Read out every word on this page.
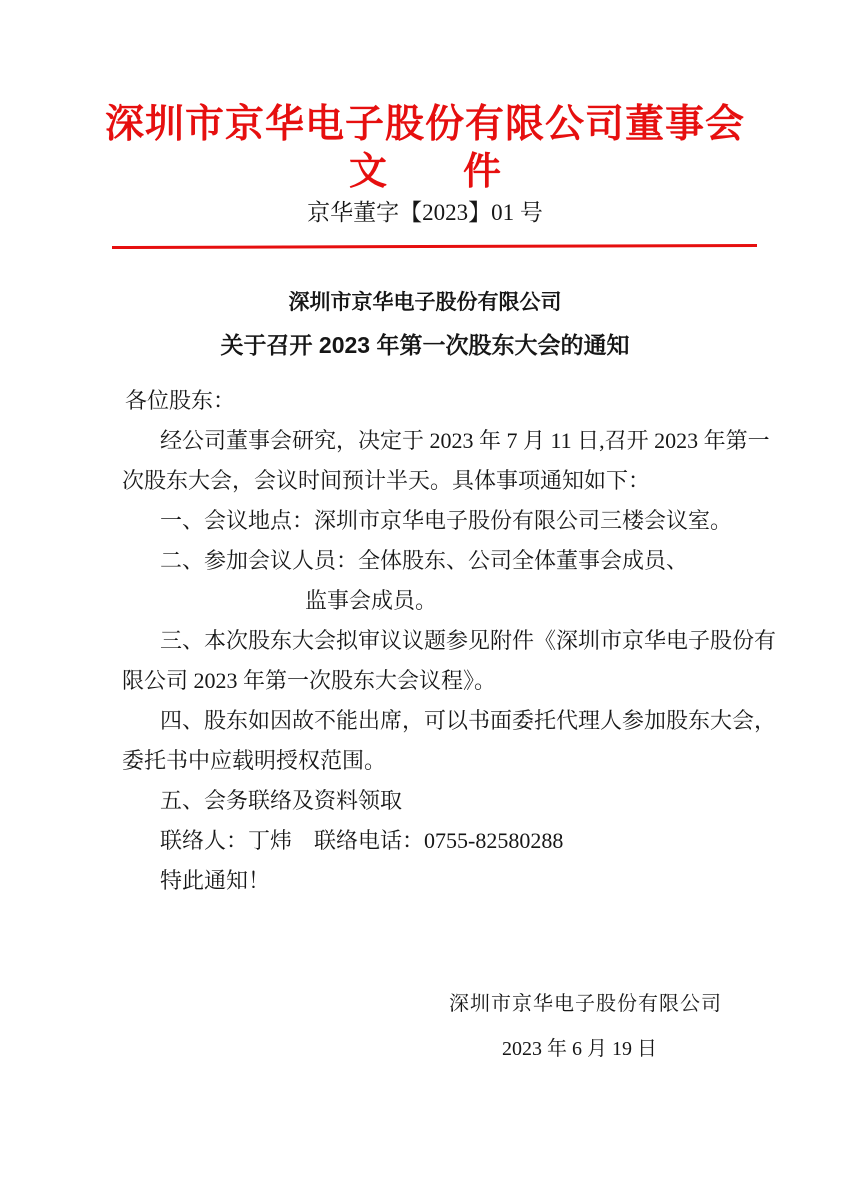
深圳市京华电子股份有限公司董事会
文　　件
京华董字【2023】01 号
深圳市京华电子股份有限公司
关于召开 2023 年第一次股东大会的通知
各位股东：
经公司董事会研究，决定于 2023 年 7 月 11 日,召开 2023 年第一
次股东大会，会议时间预计半天。具体事项通知如下：
一、会议地点：深圳市京华电子股份有限公司三楼会议室。
二、参加会议人员：全体股东、公司全体董事会成员、
监事会成员。
三、本次股东大会拟审议议题参见附件《深圳市京华电子股份有
限公司 2023 年第一次股东大会议程》。
四、股东如因故不能出席，可以书面委托代理人参加股东大会，
委托书中应载明授权范围。
五、会务联络及资料领取
联络人：丁炜　联络电话：0755-82580288
特此通知！
深圳市京华电子股份有限公司
2023 年 6 月 19 日
